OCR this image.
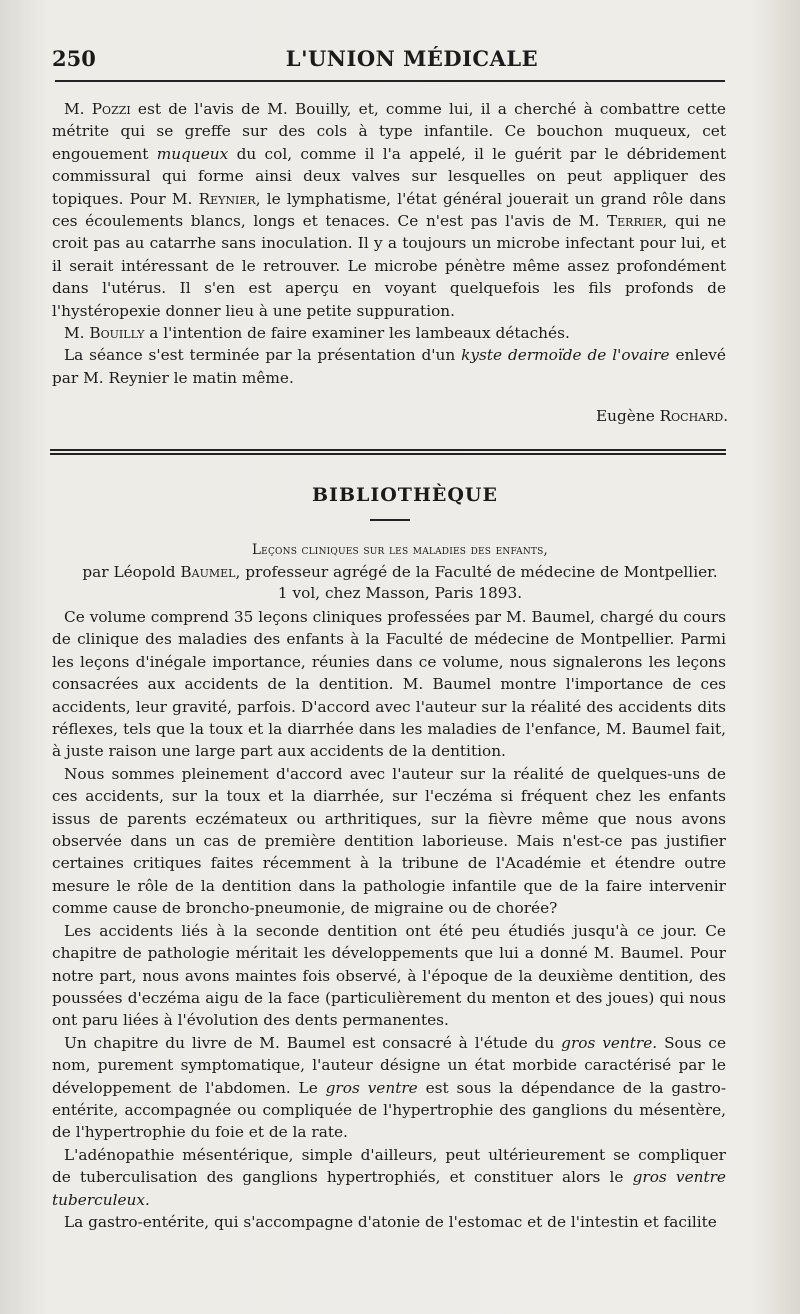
250	L'UNION MÉDICALE

M. Pozzi est de l'avis de M. Bouilly, et, comme lui, il a cherché à combattre cette métrite qui se greffe sur des cols à type infantile. Ce bouchon muqueux, cet engouement muqueux du col, comme il l'a appelé, il le guérit par le débridement commissural qui forme ainsi deux valves sur lesquelles on peut appliquer des topiques. Pour M. Reynier, le lymphatisme, l'état général jouerait un grand rôle dans ces écoulements blancs, longs et tenaces. Ce n'est pas l'avis de M. Terrier, qui ne croit pas au catarrhe sans inoculation. Il y a toujours un microbe infectant pour lui, et il serait intéressant de le retrouver. Le microbe pénètre même assez profondément dans l'utérus. Il s'en est aperçu en voyant quelquefois les fils profonds de l'hystéropexie donner lieu à une petite suppuration.

M. Bouilly a l'intention de faire examiner les lambeaux détachés.

La séance s'est terminée par la présentation d'un kyste dermoïde de l'ovaire enlevé par M. Reynier le matin même.

Eugène Rochard.
BIBLIOTHÈQUE
Leçons cliniques sur les maladies des enfants,
par Léopold Baumel, professeur agrégé de la Faculté de médecine de Montpellier.
1 vol, chez Masson, Paris 1893.

Ce volume comprend 35 leçons cliniques professées par M. Baumel, chargé du cours de clinique des maladies des enfants à la Faculté de médecine de Montpellier. Parmi les leçons d'inégale importance, réunies dans ce volume, nous signalerons les leçons consacrées aux accidents de la dentition. M. Baumel montre l'importance de ces accidents, leur gravité, parfois. D'accord avec l'auteur sur la réalité des accidents dits réflexes, tels que la toux et la diarrhée dans les maladies de l'enfance, M. Baumel fait, à juste raison une large part aux accidents de la dentition.

Nous sommes pleinement d'accord avec l'auteur sur la réalité de quelques-uns de ces accidents, sur la toux et la diarrhée, sur l'eczéma si fréquent chez les enfants issus de parents eczémateux ou arthritiques, sur la fièvre même que nous avons observée dans un cas de première dentition laborieuse. Mais n'est-ce pas justifier certaines critiques faites récemment à la tribune de l'Académie et étendre outre mesure le rôle de la dentition dans la pathologie infantile que de la faire intervenir comme cause de broncho-pneumonie, de migraine ou de chorée?

Les accidents liés à la seconde dentition ont été peu étudiés jusqu'à ce jour. Ce chapitre de pathologie méritait les développements que lui a donné M. Baumel. Pour notre part, nous avons maintes fois observé, à l'époque de la deuxième dentition, des poussées d'eczéma aigu de la face (particulièrement du menton et des joues) qui nous ont paru liées à l'évolution des dents permanentes.

Un chapitre du livre de M. Baumel est consacré à l'étude du gros ventre. Sous ce nom, purement symptomatique, l'auteur désigne un état morbide caractérisé par le développement de l'abdomen. Le gros ventre est sous la dépendance de la gastro-entérite, accompagnée ou compliquée de l'hypertrophie des ganglions du mésentère, de l'hypertrophie du foie et de la rate.

L'adénopathie mésentérique, simple d'ailleurs, peut ultérieurement se compliquer de tuberculisation des ganglions hypertrophiés, et constituer alors le gros ventre tuberculeux.

La gastro-entérite, qui s'accompagne d'atonie de l'estomac et de l'intestin et facilite
